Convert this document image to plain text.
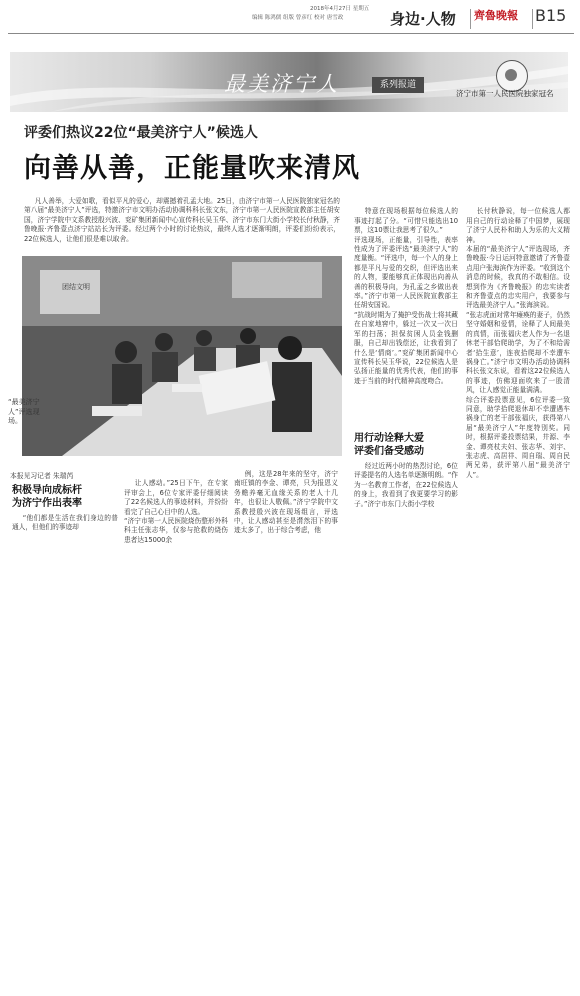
2018年4月27日 星期五
编辑 陈鸿儒 组版 曾彦红 校对 唐雪政	身边·人物 齊魯晚報	B15
最美济宁人	系列报道
济宁市第一人民医院独家冠名
评委们热议22位“最美济宁人”候选人
向善从善，正能量吹来清风

凡人善举，大爱如歌，看似平凡的爱心，却震撼着孔孟大地。25日，由济宁市第一人民医院独家冠名的第八届“最美济宁人”评选，特邀济宁市文明办活动协调科科长张文东，济宁市第一人民医院宣教部主任胡安国，济宁学院中文系教授殷兴波、兖矿集团新闻中心宣传科长吴玉华、济宁市东门大街小学校长付秋静，齐鲁晚报·齐鲁壹点济宁站站长为评委。经过两个小时的讨论热议，最终人选才逐渐明朗，评委们纷纷表示，22位候选人，让他们很是难以取舍。

团结文明
“最美济宁人”评选现场。
本报见习记者 朱瑞芮
积极导向成标杆
为济宁作出表率

“他们都是生活在我们身边的普通人，但他们的事迹却

让人感动。”25日下午，在专家评审会上，6位专家评委仔细阅读了22名候选人的事迹材料，并纷纷看完了自己心目中的人选。
“济宁市第一人民医院烧伤整形外科科主任张志华，仅参与抢救的烧伤患者达15000余

例，这是28年来的坚守，济宁南旺镇的李金、谭亮，只为报恩义务赡养毫无血缘关系的老人十几年，也很让人敬佩。”济宁学院中文系教授殷兴波在现场组言，评选中，让人感动甚至是潸然泪下的事迹太多了，出于综合考虑，他

特意在现场根据每位候选人的事迹打起了分。“可惜只能选出10票，这10票让我思考了很久。”
评选现场，正能量，引导性，表率性成为了评委评选“最美济宁人”的度量衡。“评选中，每一个人的身上都是平凡与爱的交织，但评选出来的人物，要能够真正体现出向善从善的积极导向，为孔孟之乡做出表率。”济宁市第一人民医院宣教部主任胡安国说。
“抗战时期为了掩护受伤战士将其藏在自家地窖中，躲过一次又一次日军的扫荡；担保贫困人员金钱删服，自己却出钱偿还，让我看到了什么是‘情商’。”兖矿集团新闻中心宣传科长吴玉华说，22位候选人是弘扬正能量的优秀代表，他们的事迹于当前的时代精神高度吻合。

用行动诠释大爱
评委们备受感动

经过近两小时的热烈讨论，6位评委提名的人选名单逐渐明朗。“作为一名教育工作者，在22位候选人的身上，我看到了我更要学习的影子。”济宁市东门大街小学校

长付秋静说，每一位候选人都用自己的行动诠释了中国梦，展现了济宁人民朴和助人为乐的大义精神。
本届的“最美济宁人”评选现场，齐鲁晚报·今日运河特意邀请了齐鲁壹点用户张海滨作为评委。“收到这个消息的时候，我真的不敢相信。设想到作为《齐鲁晚报》的忠实读者和齐鲁壹点的忠实用户，我要参与评选最美济宁人。”张海滨说。
“张志虎面对常年瘫痪的妻子，仍然坚守婚姻和爱情，诠释了人间最美的真情，而张福庆老人作为一名退休老干部恰爬助学，为了不和给需者‘拾生意’，连夜拾爬却不幸遭车祸身亡。”济宁市文明办活动协调科科长张文东说，看着这22位候选人的事迹，仿佛迎面吹来了一股清风，让人感觉正能量满满。
综合评委投票意见，6位评委一致同意，助学拾爬退休却不幸遭遇车祸身亡的老干部张福庆，获得第八届“最美济宁人”年度特别奖。同时，根据评委投票结果，井源、李金、谭亮杖夫妇、张志华、刘宇、张志虎、高居祥、周自瑞、周自民两兄弟，获评第八届“最美济宁人”。
